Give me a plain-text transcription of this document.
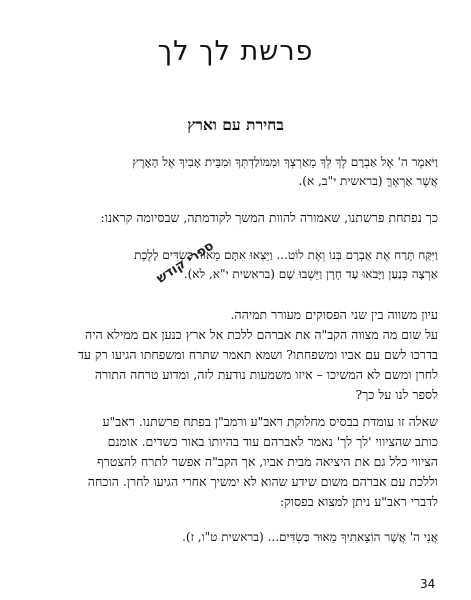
פרשת לך לך
בחירת עם וארץ
וַיֹּאמֶר ה' אֶל אַבְרָם לֶךְ לְךָ מֵאַרְצְךָ וּמִמּוֹלַדְתְּךָ וּמִבֵּית אָבִיךָ אֶל הָאָרֶץ
אֲשֶׁר אַרְאֶךָּ (בראשית י"ב, א).
כך נפתחת פרשתנו, שאמורה להוות המשך לקודמתה, שבסיומה קראנו:
וַיִּקַּח תֶּרַח אֶת אַבְרָם בְּנוֹ וְאֶת לוֹט... וַיֵּצְאוּ אִתָּם מֵאוּר כַּשְׂדִּים לָלֶכֶת
אַרְצָה כְּנַעַן וַיָּבֹאוּ עַד חָרָן וַיֵּשְׁבוּ שָׁם (בראשית י"א, לא).
עיון משווה בין שני הפסוקים מעורר תמיהה.
על שום מה מצווה הקב"ה את אברהם ללכת אל ארץ כנען אם ממילא היה
בדרכו לשם עם אביו ומשפחתו? ושמא תאמר שתרח ומשפחתו הגיעו רק עד
לחרן ומשם לא המשיכו – איזו משמעות נודעת לזה, ומדוע טרחה התורה
לספר לנו על כך?
שאלה זו עומדת בבסיס מחלוקת ראב"ע ורמב"ן בפתח פרשתנו. ראב"ע
כותב שהציווי 'לך לך' נאמר לאברהם עוד בהיותו באור כשדים. אומנם
הציווי כלל גם את היציאה מבית אביו, אך הקב"ה אפשר לתרח להצטרף
וללכת עם אברהם משום שידע שהוא לא ימשיך אחרי הגיעו לחרן. הוכחה
לדברי ראב"ע ניתן למצוא בפסוק:
אֲנִי ה' אֲשֶׁר הוֹצֵאתִיךָ מֵאוּר כַּשְׂדִּים... (בראשית ט"ו, ז).
ספרי קודש
34
